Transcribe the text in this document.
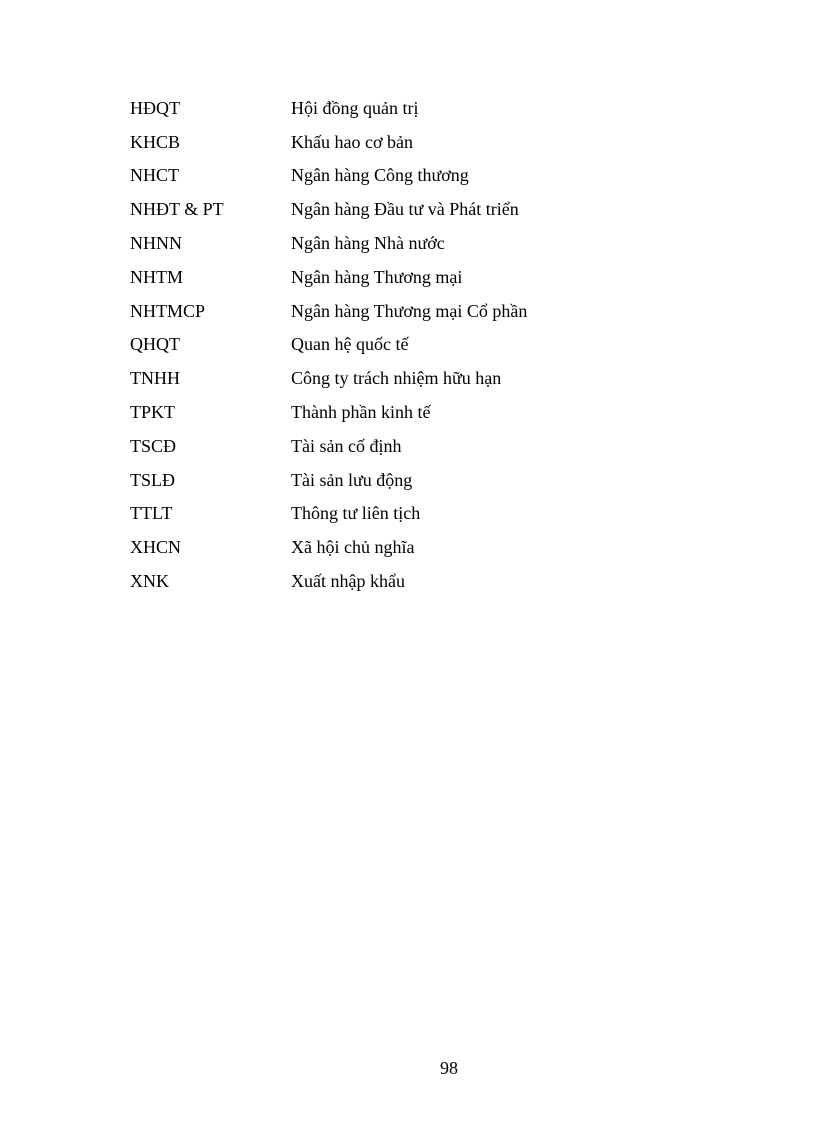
HĐQT	Hội đồng quản trị
KHCB	Khấu hao cơ bản
NHCT	Ngân hàng Công thương
NHĐT & PT	Ngân hàng Đầu tư và Phát triển
NHNN	Ngân hàng Nhà nước
NHTM	Ngân hàng Thương mại
NHTMCP	Ngân hàng Thương mại Cổ phần
QHQT	Quan hệ quốc tế
TNHH	Công ty trách nhiệm hữu hạn
TPKT	Thành phần kinh tế
TSCĐ	Tài sản cố định
TSLĐ	Tài sản lưu động
TTLT	Thông tư liên tịch
XHCN	Xã hội chủ nghĩa
XNK	Xuất nhập khẩu
98
